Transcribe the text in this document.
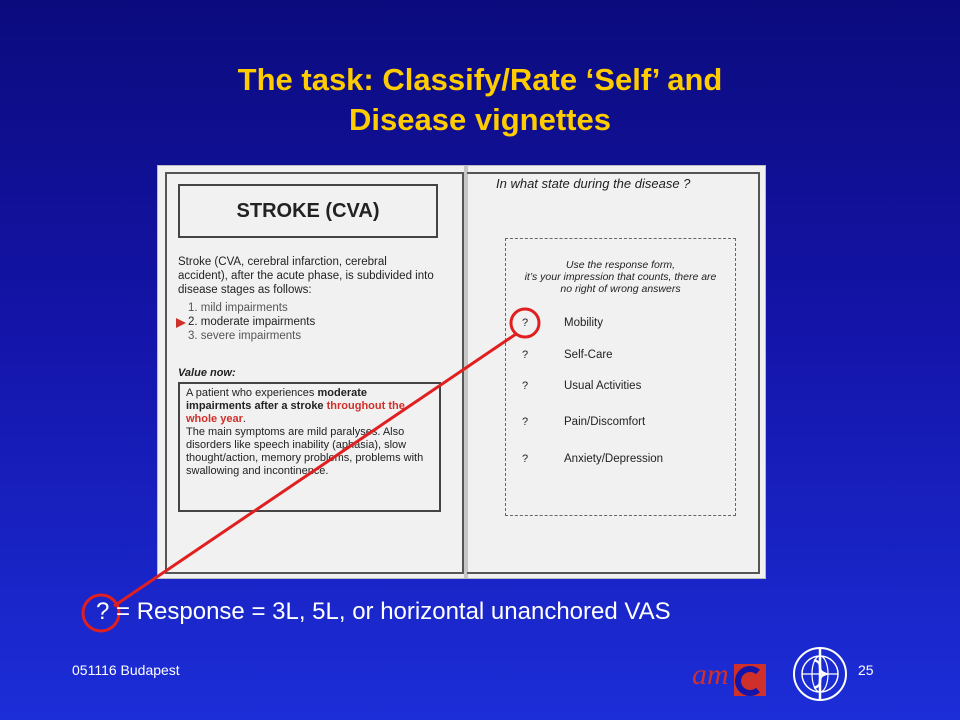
The task: Classify/Rate ‘Self’ and
Disease vignettes
STROKE (CVA)
Stroke (CVA, cerebral infarction, cerebral accident), after the acute phase, is subdivided into disease stages as follows:
1. mild impairments
2. moderate impairments
3. severe impairments
Value now:
A patient who experiences moderate impairments after a stroke throughout the whole year.
The main symptoms are mild paralyses. Also disorders like speech inability (aphasia), slow thought/action, memory problems, problems with swallowing and incontinence.
In what state during the disease ?
Use the response form,
it’s your impression that counts, there are
no right of wrong answers
?	Mobility
?	Self-Care
?	Usual Activities
?	Pain/Discomfort
?	Anxiety/Depression
? = Response = 3L, 5L, or horizontal unanchored VAS
051116 Budapest	25
am
